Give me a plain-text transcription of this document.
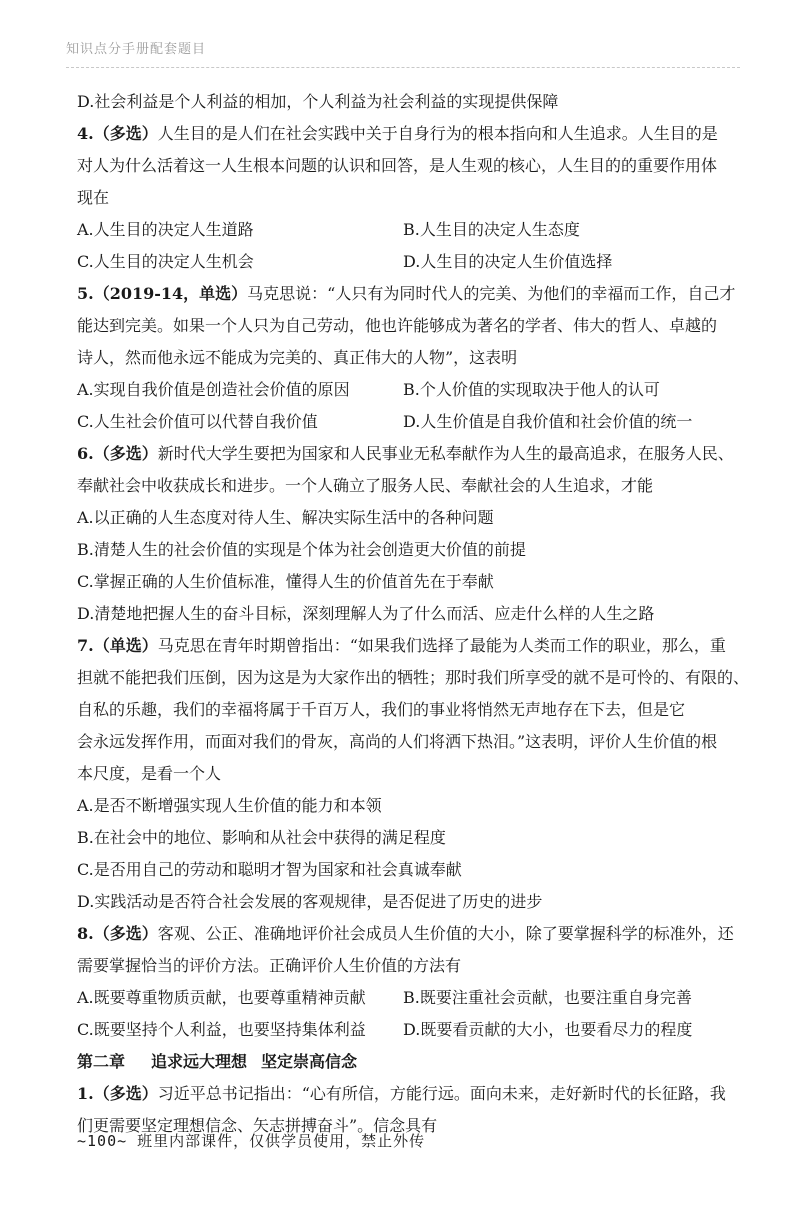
知识点分手册配套题目
D.社会利益是个人利益的相加，个人利益为社会利益的实现提供保障
4.（多选）人生目的是人们在社会实践中关于自身行为的根本指向和人生追求。人生目的是
对人为什么活着这一人生根本问题的认识和回答，是人生观的核心，人生目的的重要作用体
现在
A.人生目的决定人生道路	B.人生目的决定人生态度
C.人生目的决定人生机会	D.人生目的决定人生价值选择
5.（2019-14，单选）马克思说：“人只有为同时代人的完美、为他们的幸福而工作，自己才
能达到完美。如果一个人只为自己劳动，他也许能够成为著名的学者、伟大的哲人、卓越的
诗人，然而他永远不能成为完美的、真正伟大的人物”，这表明
A.实现自我价值是创造社会价值的原因	B.个人价值的实现取决于他人的认可
C.人生社会价值可以代替自我价值	D.人生价值是自我价值和社会价值的统一
6.（多选）新时代大学生要把为国家和人民事业无私奉献作为人生的最高追求，在服务人民、
奉献社会中收获成长和进步。一个人确立了服务人民、奉献社会的人生追求，才能
A.以正确的人生态度对待人生、解决实际生活中的各种问题
B.清楚人生的社会价值的实现是个体为社会创造更大价值的前提
C.掌握正确的人生价值标准，懂得人生的价值首先在于奉献
D.清楚地把握人生的奋斗目标，深刻理解人为了什么而活、应走什么样的人生之路
7.（单选）马克思在青年时期曾指出：“如果我们选择了最能为人类而工作的职业，那么，重
担就不能把我们压倒，因为这是为大家作出的牺牲；那时我们所享受的就不是可怜的、有限的、
自私的乐趣，我们的幸福将属于千百万人，我们的事业将悄然无声地存在下去，但是它
会永远发挥作用，而面对我们的骨灰，高尚的人们将洒下热泪。”这表明，评价人生价值的根
本尺度，是看一个人
A.是否不断增强实现人生价值的能力和本领
B.在社会中的地位、影响和从社会中获得的满足程度
C.是否用自己的劳动和聪明才智为国家和社会真诚奉献
D.实践活动是否符合社会发展的客观规律，是否促进了历史的进步
8.（多选）客观、公正、准确地评价社会成员人生价值的大小，除了要掌握科学的标准外，还
需要掌握恰当的评价方法。正确评价人生价值的方法有
A.既要尊重物质贡献，也要尊重精神贡献	B.既要注重社会贡献，也要注重自身完善
C.既要坚持个人利益，也要坚持集体利益	D.既要看贡献的大小，也要看尽力的程度
第二章 追求远大理想 坚定崇高信念
1.（多选）习近平总书记指出：“心有所信，方能行远。面向未来，走好新时代的长征路，我
们更需要坚定理想信念、矢志拼搏奋斗”。信念具有
~100~ 班里内部课件，仅供学员使用，禁止外传
